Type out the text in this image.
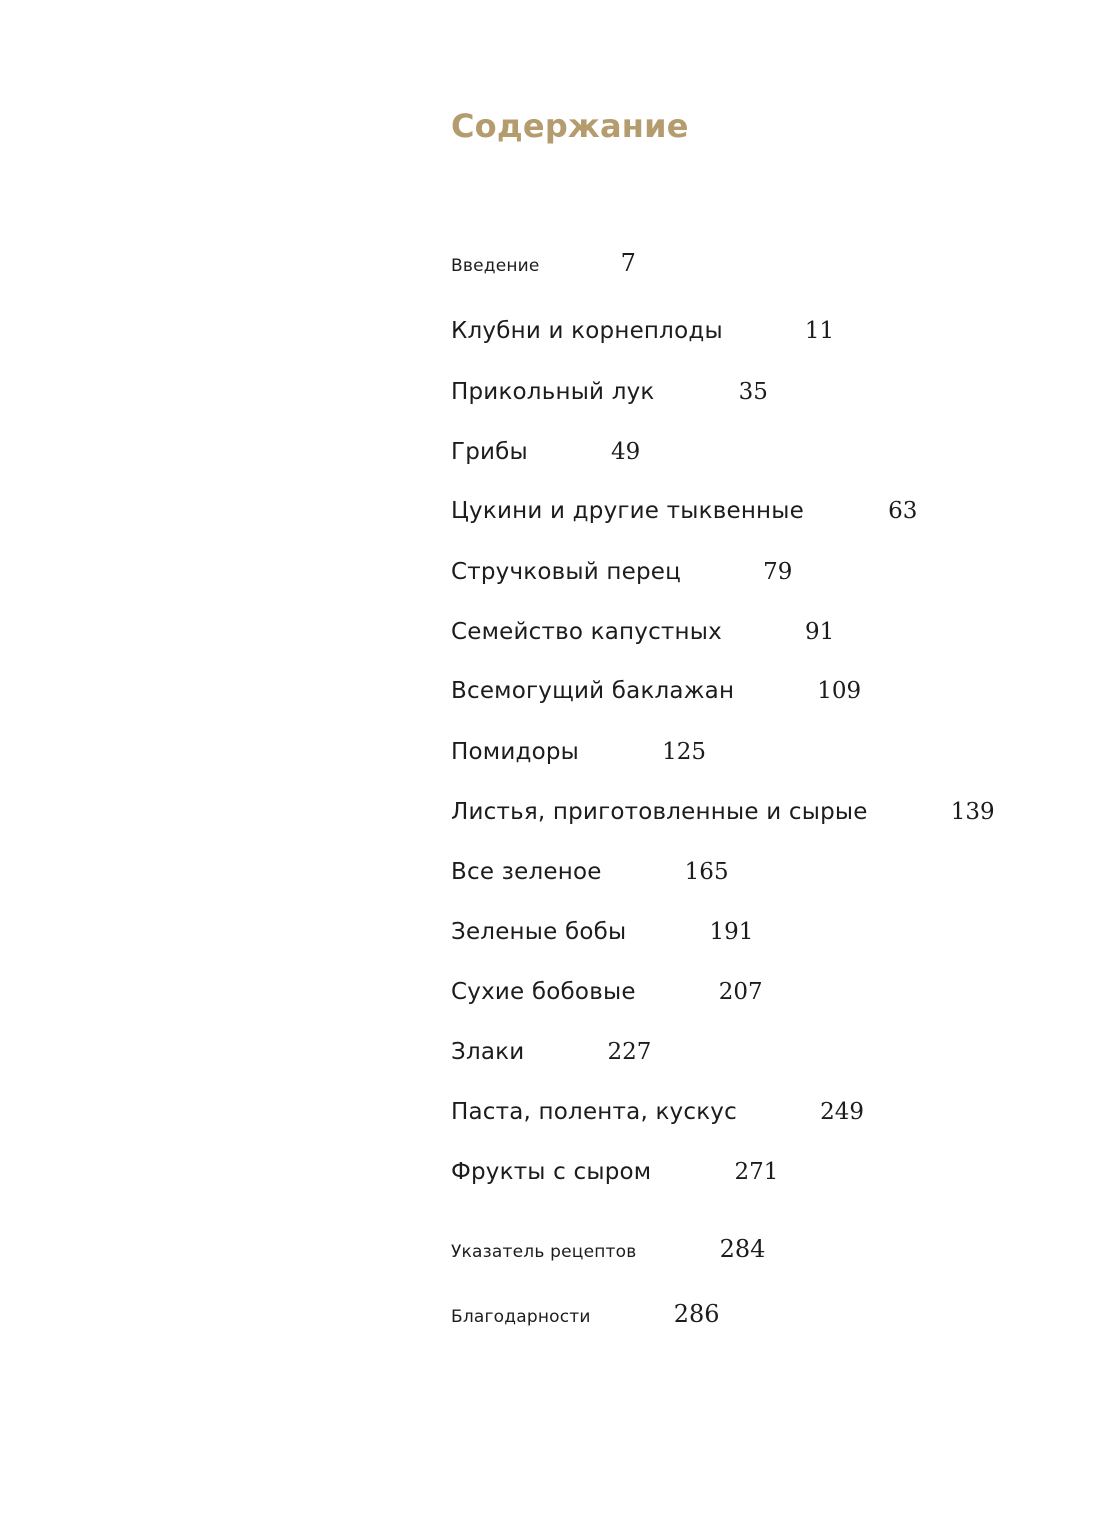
Содержание
Введение	7
Клубни и корнеплоды	11
Прикольный лук	35
Грибы	49
Цукини и другие тыквенные	63
Стручковый перец	79
Семейство капустных	91
Всемогущий баклажан	109
Помидоры	125
Листья, приготовленные и сырые	139
Все зеленое	165
Зеленые бобы	191
Сухие бобовые	207
Злаки	227
Паста, полента, кускус	249
Фрукты с сыром	271
Указатель рецептов	284
Благодарности	286
